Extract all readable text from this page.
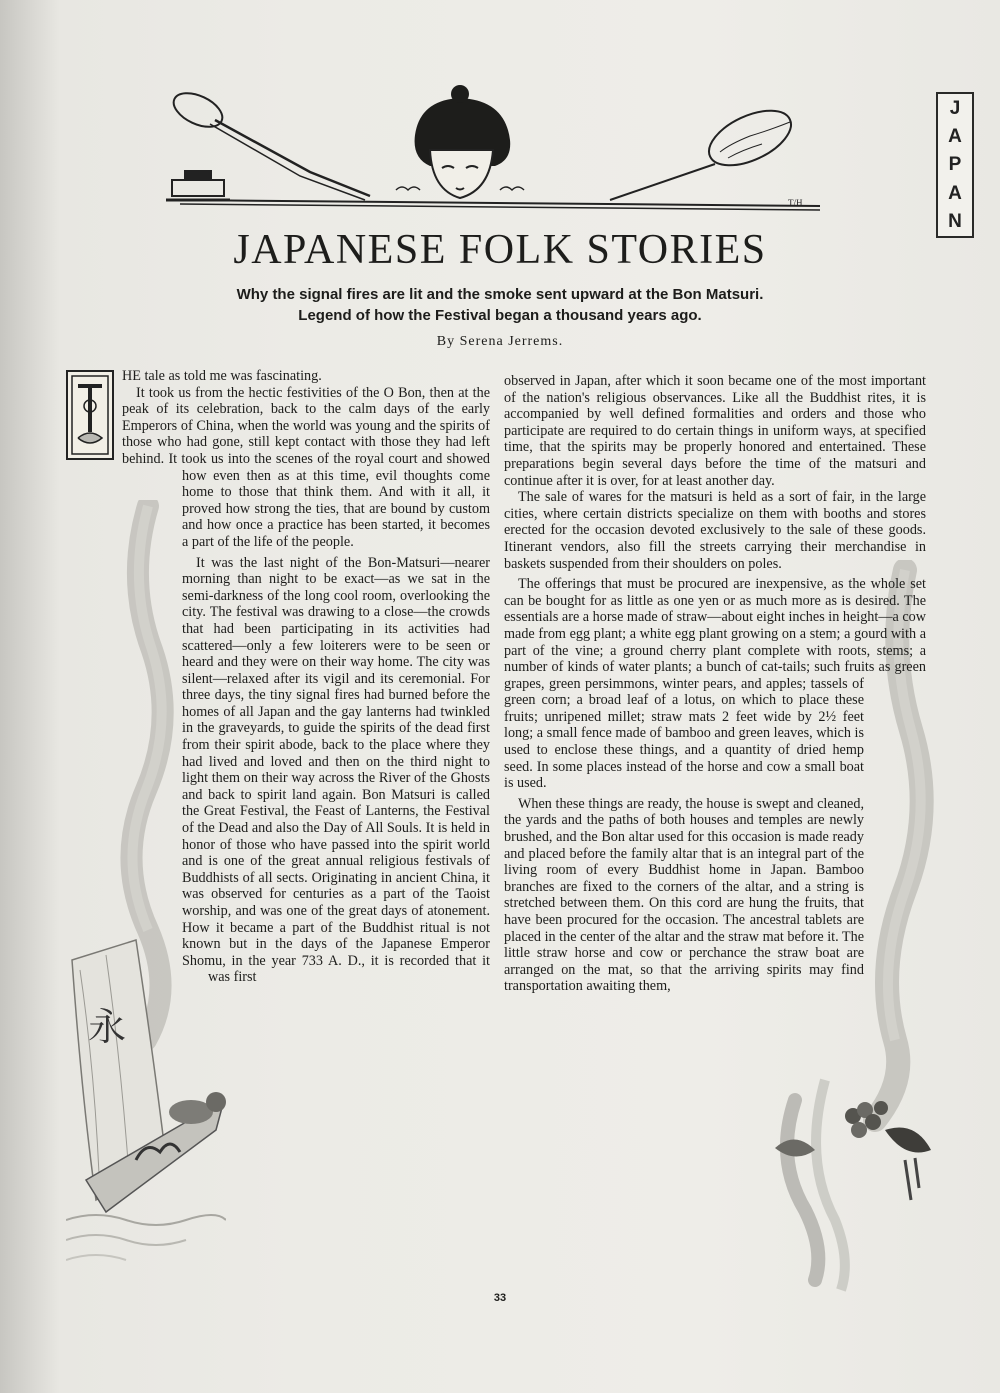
T/H
J
A
P
A
N
JAPANESE FOLK STORIES
Why the signal fires are lit and the smoke sent upward at the Bon Matsuri.
Legend of how the Festival began a thousand years ago.
By Serena Jerrems.
永

HE tale as told me was fascinating.

It took us from the hectic festivities of the O Bon, then at the peak of its celebration, back to the calm days of the early Emperors of China, when the world was young and the spirits of those who had gone, still kept contact with those they had left behind. It took us into the scenes of the royal court and showed how even then as at this time, evil thoughts come home to those that think them. And with it all, it proved how strong the ties, that are bound by custom and how once a practice has been started, it becomes a part of the life of the people.

It was the last night of the Bon-Matsuri—nearer morning than night to be exact—as we sat in the semi-darkness of the long cool room, overlooking the city. The festival was drawing to a close—the crowds that had been participating in its activities had scattered—only a few loiterers were to be seen or heard and they were on their way home. The city was silent—relaxed after its vigil and its ceremonial. For three days, the tiny signal fires had burned before the homes of all Japan and the gay lanterns had twinkled in the graveyards, to guide the spirits of the dead first from their spirit abode, back to the place where they had lived and loved and then on the third night to light them on their way across the River of the Ghosts and back to spirit land again. Bon Matsuri is called the Great Festival, the Feast of Lanterns, the Festival of the Dead and also the Day of All Souls. It is held in honor of those who have passed into the spirit world and is one of the great annual religious festivals of Buddhists of all sects. Originating in ancient China, it was observed for centuries as a part of the Taoist worship, and was one of the great days of atonement. How it became a part of the Buddhist ritual is not known but in the days of the Japanese Emperor Shomu, in the year 733 A. D., it is recorded that it was first

observed in Japan, after which it soon became one of the most important of the nation's religious observances. Like all the Buddhist rites, it is accompanied by well defined formalities and orders and those who participate are required to do certain things in uniform ways, at specified time, that the spirits may be properly honored and entertained. These preparations begin several days before the time of the matsuri and continue after it is over, for at least another day.

The sale of wares for the matsuri is held as a sort of fair, in the large cities, where certain districts specialize on them with booths and stores erected for the occasion devoted exclusively to the sale of these goods. Itinerant vendors, also fill the streets carrying their merchandise in baskets suspended from their shoulders on poles.

The offerings that must be procured are inexpensive, as the whole set can be bought for as little as one yen or as much more as is desired. The essentials are a horse made of straw—about eight inches in height—a cow made from egg plant; a white egg plant growing on a stem; a gourd with a part of the vine; a ground cherry plant complete with roots, stems; a number of kinds of water plants; a bunch of cat-tails; such fruits as green grapes, green persimmons, winter pears, and apples; tassels of green corn; a broad leaf of a lotus, on which to place these fruits; unripened millet; straw mats 2 feet wide by 2½ feet long; a small fence made of bamboo and green leaves, which is used to enclose these things, and a quantity of dried hemp seed. In some places instead of the horse and cow a small boat is used.

When these things are ready, the house is swept and cleaned, the yards and the paths of both houses and temples are newly brushed, and the Bon altar used for this occasion is made ready and placed before the family altar that is an integral part of the living room of every Buddhist home in Japan. Bamboo branches are fixed to the corners of the altar, and a string is stretched between them. On this cord are hung the fruits, that have been procured for the occasion. The ancestral tablets are placed in the center of the altar and the straw mat before it. The little straw horse and cow or perchance the straw boat are arranged on the mat, so that the arriving spirits may find transportation awaiting them,

33
